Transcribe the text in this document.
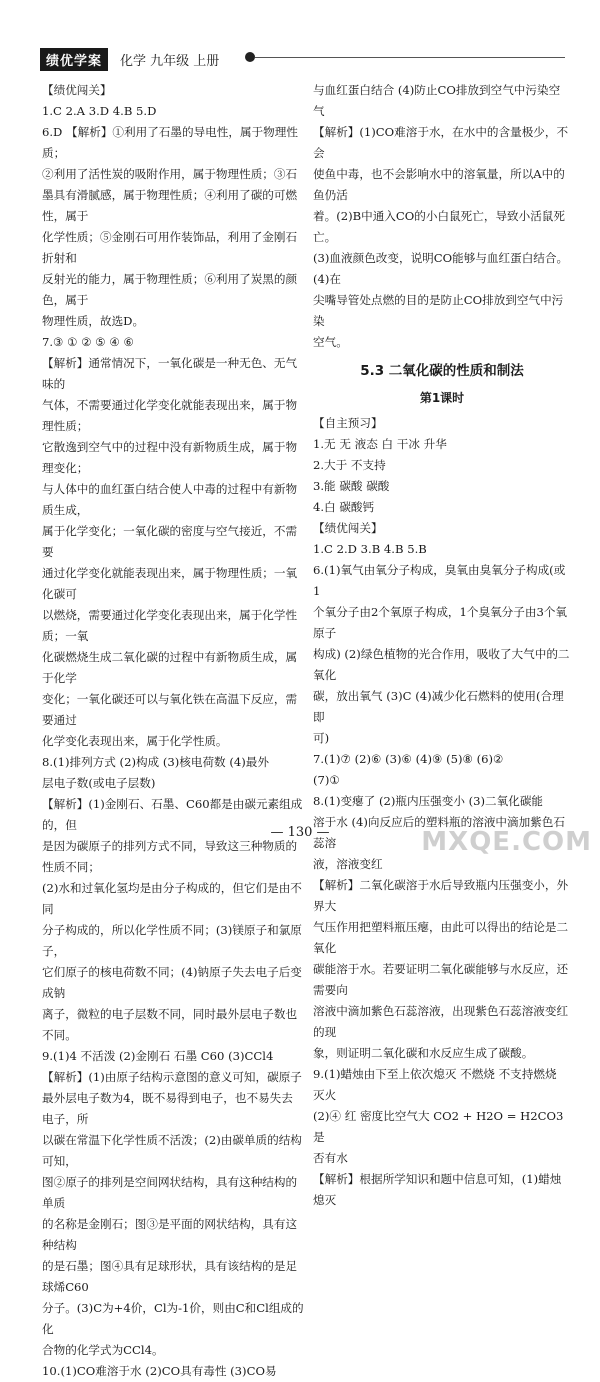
绩优学案	化学 九年级 上册

【绩优闯关】

1.C 2.A 3.D 4.B 5.D

6.D 【解析】①利用了石墨的导电性，属于物理性质；

②利用了活性炭的吸附作用，属于物理性质；③石

墨具有滑腻感，属于物理性质；④利用了碳的可燃性，属于

化学性质；⑤金刚石可用作装饰品，利用了金刚石折射和

反射光的能力，属于物理性质；⑥利用了炭黑的颜色，属于

物理性质，故选D。

7.③ ① ② ⑤ ④ ⑥

【解析】通常情况下，一氧化碳是一种无色、无气味的

气体，不需要通过化学变化就能表现出来，属于物理性质；

它散逸到空气中的过程中没有新物质生成，属于物理变化；

与人体中的血红蛋白结合使人中毒的过程中有新物质生成，

属于化学变化；一氧化碳的密度与空气接近，不需要

通过化学变化就能表现出来，属于物理性质；一氧化碳可

以燃烧，需要通过化学变化表现出来，属于化学性质；一氧

化碳燃烧生成二氧化碳的过程中有新物质生成，属于化学

变化；一氧化碳还可以与氧化铁在高温下反应，需要通过

化学变化表现出来，属于化学性质。

8.(1)排列方式 (2)构成 (3)核电荷数 (4)最外

层电子数(或电子层数)

【解析】(1)金刚石、石墨、C60都是由碳元素组成的，但

是因为碳原子的排列方式不同，导致这三种物质的性质不同；

(2)水和过氧化氢均是由分子构成的，但它们是由不同

分子构成的，所以化学性质不同；(3)镁原子和氯原子，

它们原子的核电荷数不同；(4)钠原子失去电子后变成钠

离子，微粒的电子层数不同，同时最外层电子数也不同。

9.(1)4 不活泼 (2)金刚石 石墨 C60 (3)CCl4

【解析】(1)由原子结构示意图的意义可知，碳原子

最外层电子数为4，既不易得到电子，也不易失去电子，所

以碳在常温下化学性质不活泼；(2)由碳单质的结构可知，

图②原子的排列是空间网状结构，具有这种结构的单质

的名称是金刚石；图③是平面的网状结构，具有这种结构

的是石墨；图④具有足球形状，具有该结构的是足球烯C60

分子。(3)C为+4价，Cl为-1价，则由C和Cl组成的化

合物的化学式为CCl4。

10.(1)CO难溶于水 (2)CO具有毒性 (3)CO易

与血红蛋白结合 (4)防止CO排放到空气中污染空气

【解析】(1)CO难溶于水，在水中的含量极少，不会

使鱼中毒，也不会影响水中的溶氧量，所以A中的鱼仍活

着。(2)B中通入CO的小白鼠死亡，导致小活鼠死亡。

(3)血液颜色改变，说明CO能够与血红蛋白结合。(4)在

尖嘴导管处点燃的目的是防止CO排放到空气中污染

空气。

5.3 二氧化碳的性质和制法
第1课时

【自主预习】

1.无 无 液态 白 干冰 升华

2.大于 不支持

3.能 碳酸 碳酸

4.白 碳酸钙

【绩优闯关】

1.C 2.D 3.B 4.B 5.B

6.(1)氧气由氧分子构成，臭氧由臭氧分子构成(或1

个氧分子由2个氧原子构成，1个臭氧分子由3个氧原子

构成) (2)绿色植物的光合作用，吸收了大气中的二氧化

碳，放出氧气 (3)C (4)减少化石燃料的使用(合理即

可)

7.(1)⑦ (2)⑥ (3)⑥ (4)⑨ (5)⑧ (6)②

(7)①

8.(1)变瘪了 (2)瓶内压强变小 (3)二氧化碳能

溶于水 (4)向反应后的塑料瓶的溶液中滴加紫色石蕊溶

液，溶液变红

【解析】二氧化碳溶于水后导致瓶内压强变小，外界大

气压作用把塑料瓶压瘪，由此可以得出的结论是二氧化

碳能溶于水。若要证明二氧化碳能够与水反应，还需要向

溶液中滴加紫色石蕊溶液，出现紫色石蕊溶液变红的现

象，则证明二氧化碳和水反应生成了碳酸。

9.(1)蜡烛由下至上依次熄灭 不燃烧 不支持燃烧

灭火

(2)④ 红 密度比空气大 CO2 + H2O = H2CO3 是

否有水

【解析】根据所学知识和题中信息可知，(1)蜡烛熄灭

— 130 —	MXQE.COM
